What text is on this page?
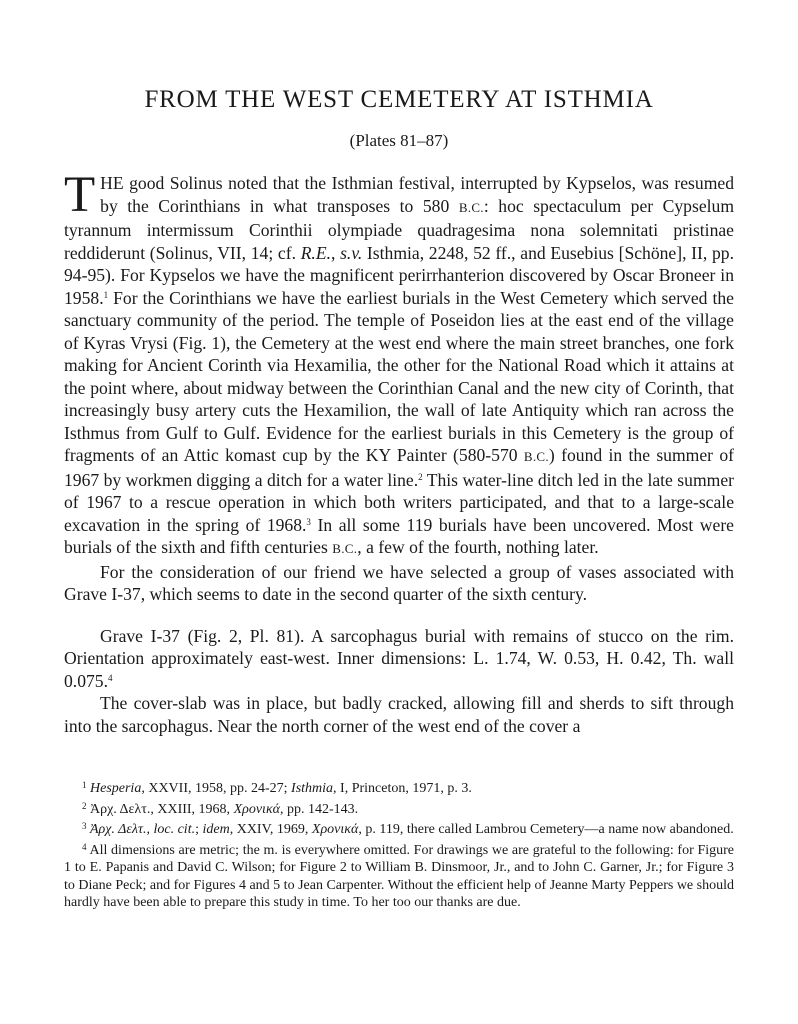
FROM THE WEST CEMETERY AT ISTHMIA
(Plates 81–87)

THE good Solinus noted that the Isthmian festival, interrupted by Kypselos, was resumed by the Corinthians in what transposes to 580 B.C.: hoc spectaculum per Cypselum tyrannum intermissum Corinthii olympiade quadragesima nona solemnitati pristinae reddiderunt (Solinus, VII, 14; cf. R.E., s.v. Isthmia, 2248, 52 ff., and Eusebius [Schöne], II, pp. 94-95). For Kypselos we have the magnificent perirrhanterion discovered by Oscar Broneer in 1958.$^1$ For the Corinthians we have the earliest burials in the West Cemetery which served the sanctuary community of the period. The temple of Poseidon lies at the east end of the village of Kyras Vrysi (Fig. 1), the Cemetery at the west end where the main street branches, one fork making for Ancient Corinth via Hexamilia, the other for the National Road which it attains at the point where, about midway between the Corinthian Canal and the new city of Corinth, that increasingly busy artery cuts the Hexamilion, the wall of late Antiquity which ran across the Isthmus from Gulf to Gulf. Evidence for the earliest burials in this Cemetery is the group of fragments of an Attic komast cup by the KY Painter (580-570 B.C.) found in the summer of 1967 by workmen digging a ditch for a water line.$^2$ This water-line ditch led in the late summer of 1967 to a rescue operation in which both writers participated, and that to a large-scale excavation in the spring of 1968.$^3$ In all some 119 burials have been uncovered. Most were burials of the sixth and fifth centuries B.C., a few of the fourth, nothing later.

For the consideration of our friend we have selected a group of vases associated with Grave I-37, which seems to date in the second quarter of the sixth century.

Grave I-37 (Fig. 2, Pl. 81). A sarcophagus burial with remains of stucco on the rim. Orientation approximately east-west. Inner dimensions: L. 1.74, W. 0.53, H. 0.42, Th. wall 0.075.$^4$

The cover-slab was in place, but badly cracked, allowing fill and sherds to sift through into the sarcophagus. Near the north corner of the west end of the cover a

$^1$ Hesperia, XXVII, 1958, pp. 24-27; Isthmia, I, Princeton, 1971, p. 3.

$^2$ Ἀρχ. Δελτ., XXIII, 1968, Χρονικά, pp. 142-143.

$^3$ Ἀρχ. Δελτ., loc. cit.; idem, XXIV, 1969, Χρονικά, p. 119, there called Lambrou Cemetery—a name now abandoned.

$^4$ All dimensions are metric; the m. is everywhere omitted. For drawings we are grateful to the following: for Figure 1 to E. Papanis and David C. Wilson; for Figure 2 to William B. Dinsmoor, Jr., and to John C. Garner, Jr.; for Figure 3 to Diane Peck; and for Figures 4 and 5 to Jean Carpenter. Without the efficient help of Jeanne Marty Peppers we should hardly have been able to prepare this study in time. To her too our thanks are due.
